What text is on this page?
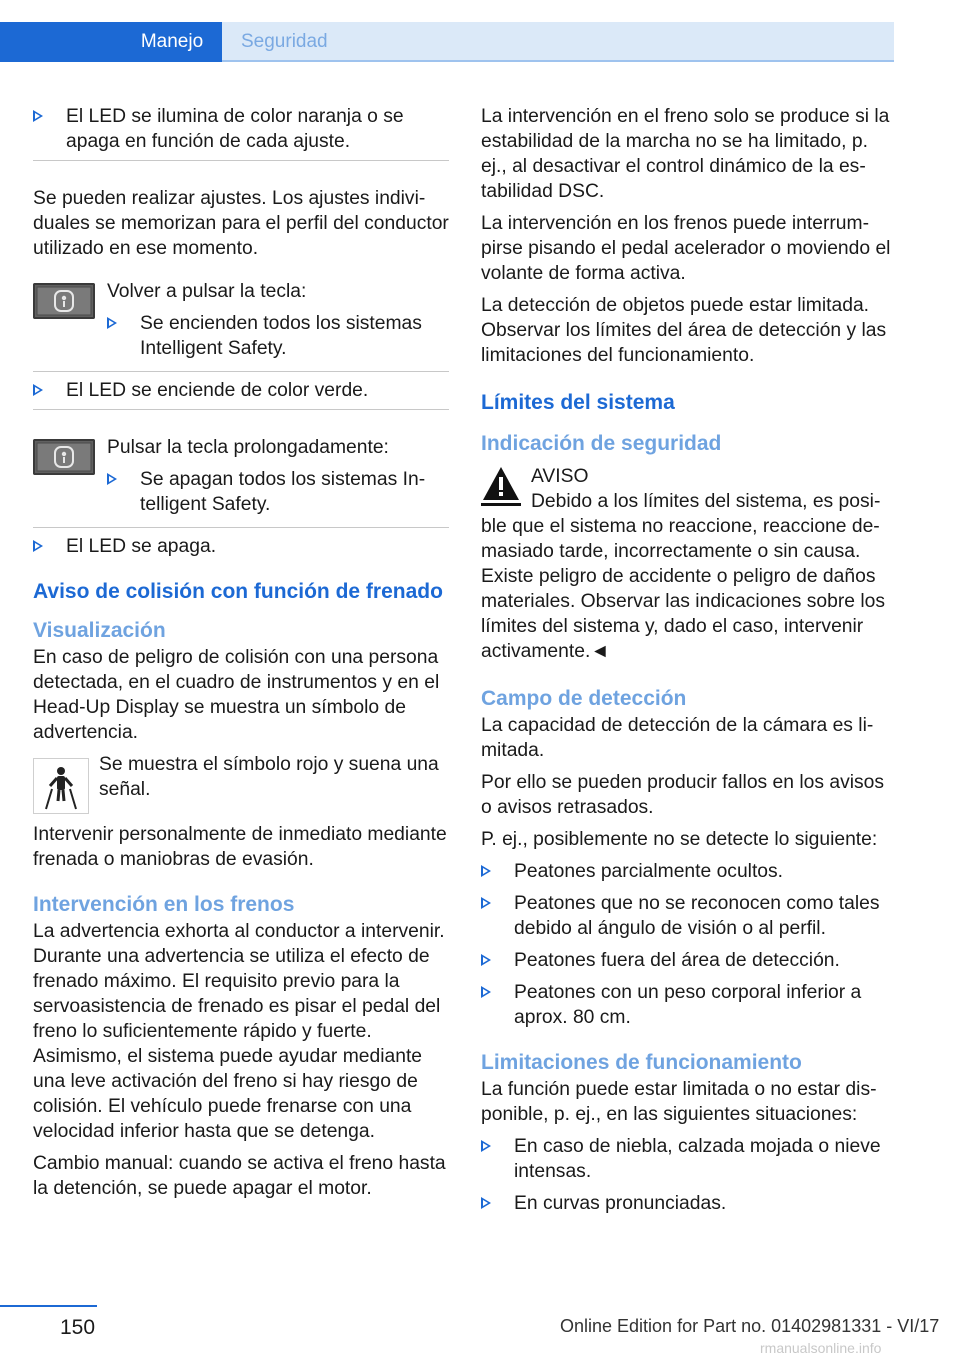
Manejo	Seguridad
El LED se ilumina de color naranja o se apaga en función de cada ajuste.

Se pueden realizar ajustes. Los ajustes individuales se memorizan para el perfil del conductor utilizado en ese momento.

Volver a pulsar la tecla:
Se encienden todos los sistemas Intelligent Safety.
El LED se enciende de color verde.
Pulsar la tecla prolongadamente:
Se apagan todos los sistemas Intelligent Safety.
El LED se apaga.
Aviso de colisión con función de frenado
Visualización

En caso de peligro de colisión con una persona detectada, en el cuadro de instrumentos y en el Head-Up Display se muestra un símbolo de advertencia.

Se muestra el símbolo rojo y suena una señal.

Intervenir personalmente de inmediato mediante frenada o maniobras de evasión.

Intervención en los frenos

La advertencia exhorta al conductor a intervenir. Durante una advertencia se utiliza el efecto de frenado máximo. El requisito previo para la servoasistencia de frenado es pisar el pedal del freno lo suficientemente rápido y fuerte. Asimismo, el sistema puede ayudar mediante una leve activación del freno si hay riesgo de colisión. El vehículo puede frenarse con una velocidad inferior hasta que se detenga.

Cambio manual: cuando se activa el freno hasta la detención, se puede apagar el motor.

La intervención en el freno solo se produce si la estabilidad de la marcha no se ha limitado, p. ej., al desactivar el control dinámico de la estabilidad DSC.

La intervención en los frenos puede interrumpirse pisando el pedal acelerador o moviendo el volante de forma activa.

La detección de objetos puede estar limitada. Observar los límites del área de detección y las limitaciones del funcionamiento.

Límites del sistema
Indicación de seguridad
AVISO

Debido a los límites del sistema, es posible que el sistema no reaccione, reaccione demasiado tarde, incorrectamente o sin causa. Existe peligro de accidente o peligro de daños materiales. Observar las indicaciones sobre los límites del sistema y, dado el caso, intervenir activamente.◄

Campo de detección

La capacidad de detección de la cámara es limitada.

Por ello se pueden producir fallos en los avisos o avisos retrasados.

P. ej., posiblemente no se detecte lo siguiente:

Peatones parcialmente ocultos.
Peatones que no se reconocen como tales debido al ángulo de visión o al perfil.
Peatones fuera del área de detección.
Peatones con un peso corporal inferior a aprox. 80 cm.
Limitaciones de funcionamiento

La función puede estar limitada o no estar disponible, p. ej., en las siguientes situaciones:

En caso de niebla, calzada mojada o nieve intensas.
En curvas pronunciadas.
150	Online Edition for Part no. 01402981331 - VI/17
rmanualsonline.info
